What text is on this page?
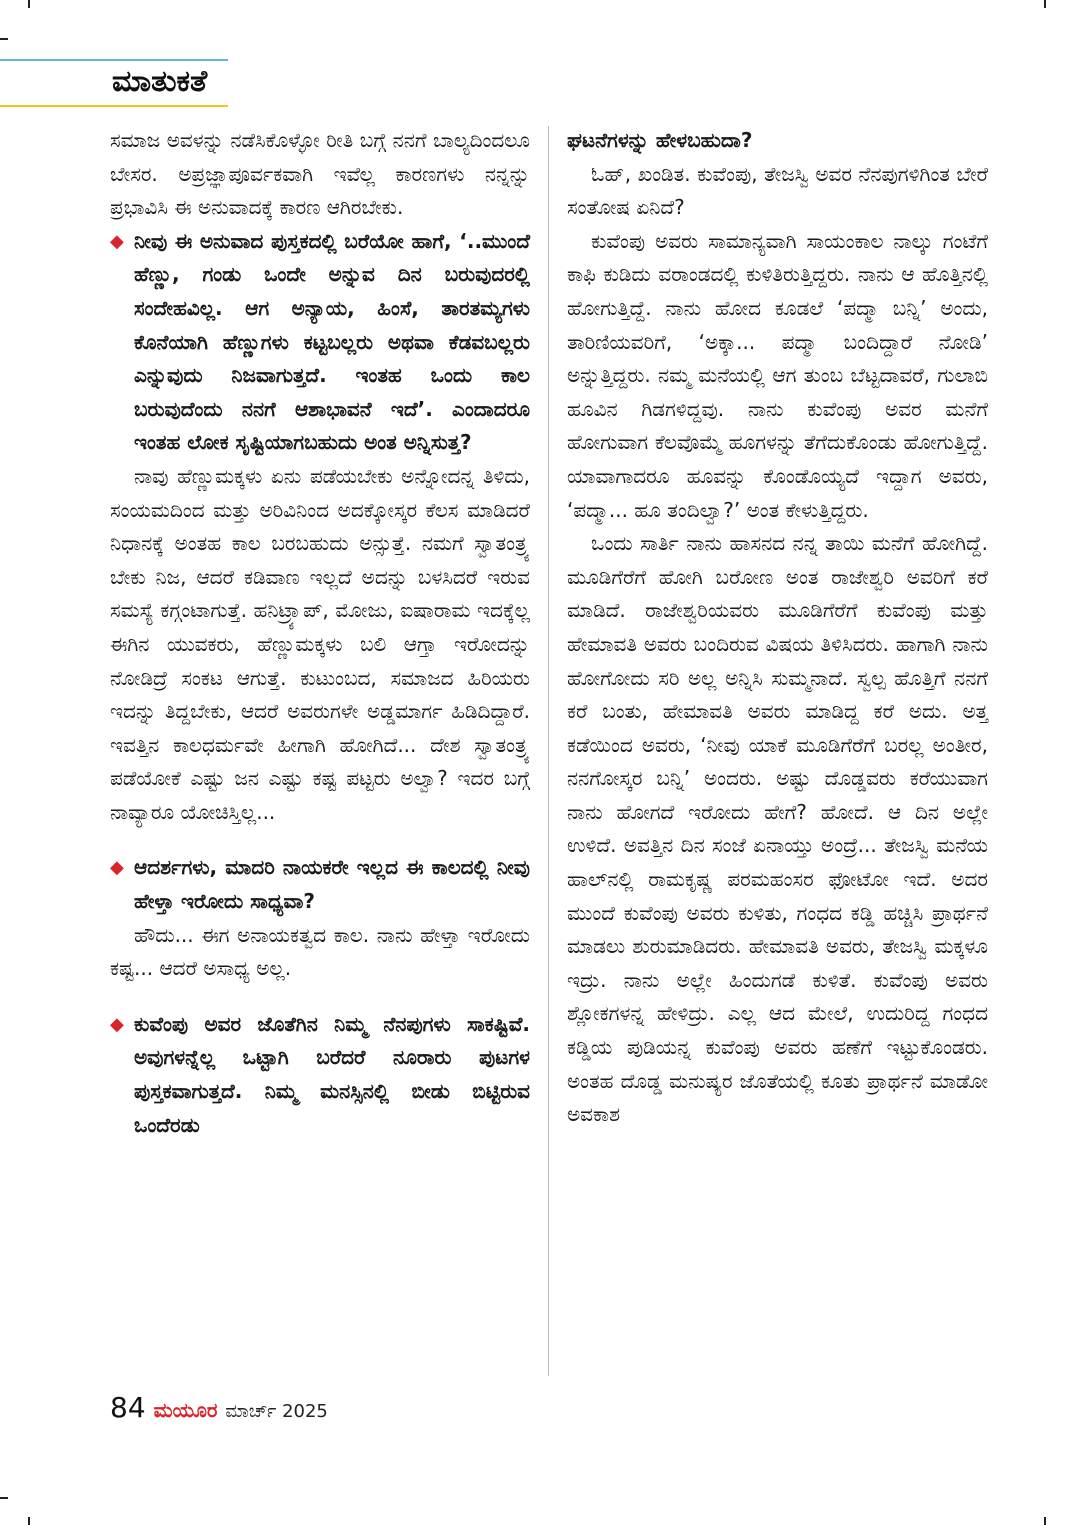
ಮಾತುಕತೆ

ಸಮಾಜ ಅವಳನ್ನು ನಡೆಸಿಕೊಳ್ಳೋ ರೀತಿ ಬಗ್ಗೆ ನನಗೆ ಬಾಲ್ಯದಿಂದಲೂ ಬೇಸರ. ಅಪ್ರಜ್ಞಾಪೂರ್ವಕವಾಗಿ ಇವೆಲ್ಲ ಕಾರಣಗಳು ನನ್ನನ್ನು ಪ್ರಭಾವಿಸಿ ಈ ಅನುವಾದಕ್ಕೆ ಕಾರಣ ಆಗಿರಬೇಕು.

◆ ನೀವು ಈ ಅನುವಾದ ಪುಸ್ತಕದಲ್ಲಿ ಬರೆಯೋ ಹಾಗೆ, ‘..ಮುಂದೆ ಹೆಣ್ಣು, ಗಂಡು ಒಂದೇ ಅನ್ನುವ ದಿನ ಬರುವುದರಲ್ಲಿ ಸಂದೇಹವಿಲ್ಲ. ಆಗ ಅನ್ಯಾಯ, ಹಿಂಸೆ, ತಾರತಮ್ಯಗಳು ಕೊನೆಯಾಗಿ ಹೆಣ್ಣುಗಳು ಕಟ್ಟಬಲ್ಲರು ಅಥವಾ ಕೆಡವಬಲ್ಲರು ಎನ್ನುವುದು ನಿಜವಾಗುತ್ತದೆ. ಇಂತಹ ಒಂದು ಕಾಲ ಬರುವುದೆಂದು ನನಗೆ ಆಶಾಭಾವನೆ ಇದೆ’. ಎಂದಾದರೂ ಇಂತಹ ಲೋಕ ಸೃಷ್ಟಿಯಾಗಬಹುದು ಅಂತ ಅನ್ನಿಸುತ್ತ?

ನಾವು ಹೆಣ್ಣುಮಕ್ಕಳು ಏನು ಪಡೆಯಬೇಕು ಅನ್ನೋದನ್ನ ತಿಳಿದು, ಸಂಯಮದಿಂದ ಮತ್ತು ಅರಿವಿನಿಂದ ಅದಕ್ಕೋಸ್ಕರ ಕೆಲಸ ಮಾಡಿದರೆ ನಿಧಾನಕ್ಕೆ ಅಂತಹ ಕಾಲ ಬರಬಹುದು ಅನ್ಸುತ್ತೆ. ನಮಗೆ ಸ್ವಾತಂತ್ರ್ಯ ಬೇಕು ನಿಜ, ಆದರೆ ಕಡಿವಾಣ ಇಲ್ಲದೆ ಅದನ್ನು ಬಳಸಿದರೆ ಇರುವ ಸಮಸ್ಯೆ ಕಗ್ಗಂಟಾಗುತ್ತೆ. ಹನಿಟ್ರ್ಯಾಪ್, ಮೋಜು, ಐಷಾರಾಮ ಇದಕ್ಕೆಲ್ಲ ಈಗಿನ ಯುವಕರು, ಹೆಣ್ಣುಮಕ್ಕಳು ಬಲಿ ಆಗ್ತಾ ಇರೋದನ್ನು ನೋಡಿದ್ರೆ ಸಂಕಟ ಆಗುತ್ತೆ. ಕುಟುಂಬದ, ಸಮಾಜದ ಹಿರಿಯರು ಇದನ್ನು ತಿದ್ದಬೇಕು, ಆದರೆ ಅವರುಗಳೇ ಅಡ್ಡಮಾರ್ಗ ಹಿಡಿದಿದ್ದಾರೆ. ಇವತ್ತಿನ ಕಾಲಧರ್ಮವೇ ಹೀಗಾಗಿ ಹೋಗಿದೆ... ದೇಶ ಸ್ವಾತಂತ್ರ್ಯ ಪಡೆಯೋಕೆ ಎಷ್ಟು ಜನ ಎಷ್ಟು ಕಷ್ಟ ಪಟ್ಟರು ಅಲ್ವಾ? ಇದರ ಬಗ್ಗೆ ನಾವ್ಯಾರೂ ಯೋಚಿಸ್ತಿಲ್ಲ...

◆ ಆದರ್ಶಗಳು, ಮಾದರಿ ನಾಯಕರೇ ಇಲ್ಲದ ಈ ಕಾಲದಲ್ಲಿ ನೀವು ಹೇಳ್ತಾ ಇರೋದು ಸಾಧ್ಯವಾ?

ಹೌದು... ಈಗ ಅನಾಯಕತ್ವದ ಕಾಲ. ನಾನು ಹೇಳ್ತಾ ಇರೋದು ಕಷ್ಟ... ಆದರೆ ಅಸಾಧ್ಯ ಅಲ್ಲ.

◆ ಕುವೆಂಪು ಅವರ ಜೊತೆಗಿನ ನಿಮ್ಮ ನೆನಪುಗಳು ಸಾಕಷ್ಟಿವೆ. ಅವುಗಳನ್ನೆಲ್ಲ ಒಟ್ಟಾಗಿ ಬರೆದರೆ ನೂರಾರು ಪುಟಗಳ ಪುಸ್ತಕವಾಗುತ್ತದೆ. ನಿಮ್ಮ ಮನಸ್ಸಿನಲ್ಲಿ ಬೀಡು ಬಿಟ್ಟಿರುವ ಒಂದೆರಡು

ಘಟನೆಗಳನ್ನು ಹೇಳಬಹುದಾ?

ಓಹ್, ಖಂಡಿತ. ಕುವೆಂಪು, ತೇಜಸ್ವಿ ಅವರ ನೆನಪುಗಳಿಗಿಂತ ಬೇರೆ ಸಂತೋಷ ಏನಿದೆ?

ಕುವೆಂಪು ಅವರು ಸಾಮಾನ್ಯವಾಗಿ ಸಾಯಂಕಾಲ ನಾಲ್ಕು ಗಂಟೆಗೆ ಕಾಫಿ ಕುಡಿದು ವರಾಂಡದಲ್ಲಿ ಕುಳಿತಿರುತ್ತಿದ್ದರು. ನಾನು ಆ ಹೊತ್ತಿನಲ್ಲಿ ಹೋಗುತ್ತಿದ್ದೆ. ನಾನು ಹೋದ ಕೂಡಲೆ ‘ಪದ್ಮಾ ಬನ್ನಿ’ ಅಂದು, ತಾರಿಣಿಯವರಿಗೆ, ‘ಅಕ್ಕಾ... ಪದ್ಮಾ ಬಂದಿದ್ದಾರೆ ನೋಡಿ’ ಅನ್ನುತ್ತಿದ್ದರು. ನಮ್ಮ ಮನೆಯಲ್ಲಿ ಆಗ ತುಂಬ ಬೆಟ್ಟದಾವರೆ, ಗುಲಾಬಿ ಹೂವಿನ ಗಿಡಗಳಿದ್ದವು. ನಾನು ಕುವೆಂಪು ಅವರ ಮನೆಗೆ ಹೋಗುವಾಗ ಕೆಲವೊಮ್ಮೆ ಹೂಗಳನ್ನು ತೆಗೆದುಕೊಂಡು ಹೋಗುತ್ತಿದ್ದೆ. ಯಾವಾಗಾದರೂ ಹೂವನ್ನು ಕೊಂಡೊಯ್ಯದೆ ಇದ್ದಾಗ ಅವರು, ‘ಪದ್ಮಾ... ಹೂ ತಂದಿಲ್ವಾ?’ ಅಂತ ಕೇಳುತ್ತಿದ್ದರು.

ಒಂದು ಸಾರ್ತಿ ನಾನು ಹಾಸನದ ನನ್ನ ತಾಯಿ ಮನೆಗೆ ಹೋಗಿದ್ದೆ. ಮೂಡಿಗೆರೆಗೆ ಹೋಗಿ ಬರೋಣ ಅಂತ ರಾಜೇಶ್ವರಿ ಅವರಿಗೆ ಕರೆ ಮಾಡಿದೆ. ರಾಜೇಶ್ವರಿಯವರು ಮೂಡಿಗೆರೆಗೆ ಕುವೆಂಪು ಮತ್ತು ಹೇಮಾವತಿ ಅವರು ಬಂದಿರುವ ವಿಷಯ ತಿಳಿಸಿದರು. ಹಾಗಾಗಿ ನಾನು ಹೋಗೋದು ಸರಿ ಅಲ್ಲ ಅನ್ನಿಸಿ ಸುಮ್ಮನಾದೆ. ಸ್ವಲ್ಪ ಹೊತ್ತಿಗೆ ನನಗೆ ಕರೆ ಬಂತು, ಹೇಮಾವತಿ ಅವರು ಮಾಡಿದ್ದ ಕರೆ ಅದು. ಅತ್ತ ಕಡೆಯಿಂದ ಅವರು, ‘ನೀವು ಯಾಕೆ ಮೂಡಿಗೆರೆಗೆ ಬರಲ್ಲ ಅಂತೀರ, ನನಗೋಸ್ಕರ ಬನ್ನಿ’ ಅಂದರು. ಅಷ್ಟು ದೊಡ್ಡವರು ಕರೆಯುವಾಗ ನಾನು ಹೋಗದೆ ಇರೋದು ಹೇಗೆ? ಹೋದೆ. ಆ ದಿನ ಅಲ್ಲೇ ಉಳಿದೆ. ಅವತ್ತಿನ ದಿನ ಸಂಜೆ ಏನಾಯ್ತು ಅಂದ್ರೆ... ತೇಜಸ್ವಿ ಮನೆಯ ಹಾಲ್‌ನಲ್ಲಿ ರಾಮಕೃಷ್ಣ ಪರಮಹಂಸರ ಫೋಟೋ ಇದೆ. ಅದರ ಮುಂದೆ ಕುವೆಂಪು ಅವರು ಕುಳಿತು, ಗಂಧದ ಕಡ್ಡಿ ಹಚ್ಚಿಸಿ ಪ್ರಾರ್ಥನೆ ಮಾಡಲು ಶುರುಮಾಡಿದರು. ಹೇಮಾವತಿ ಅವರು, ತೇಜಸ್ವಿ ಮಕ್ಕಳೂ ಇದ್ರು. ನಾನು ಅಲ್ಲೇ ಹಿಂದುಗಡೆ ಕುಳಿತೆ. ಕುವೆಂಪು ಅವರು ಶ್ಲೋಕಗಳನ್ನ ಹೇಳಿದ್ರು. ಎಲ್ಲ ಆದ ಮೇಲೆ, ಉದುರಿದ್ದ ಗಂಧದ ಕಡ್ಡಿಯ ಪುಡಿಯನ್ನ ಕುವೆಂಪು ಅವರು ಹಣೆಗೆ ಇಟ್ಟುಕೊಂಡರು. ಅಂತಹ ದೊಡ್ಡ ಮನುಷ್ಯರ ಜೊತೆಯಲ್ಲಿ ಕೂತು ಪ್ರಾರ್ಥನೆ ಮಾಡೋ ಅವಕಾಶ

84 ಮಯೂರ ಮಾರ್ಚ್ 2025
